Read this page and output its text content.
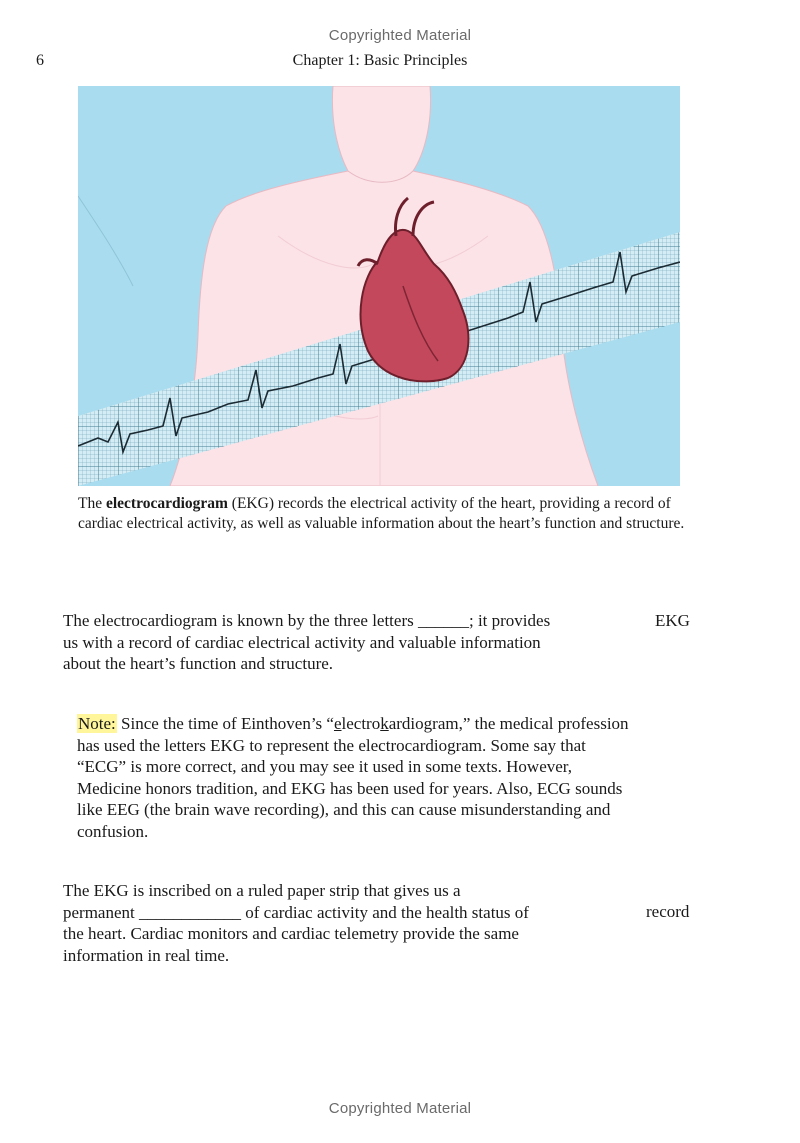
Copyrighted Material
6	Chapter 1: Basic Principles
The electrocardiogram (EKG) records the electrical activity of the heart, providing a record of cardiac electrical activity, as well as valuable information about the heart’s function and structure.
The electrocardiogram is known by the three letters ______; it provides us with a record of cardiac electrical activity and valuable information about the heart’s function and structure.
EKG
Note: Since the time of Einthoven’s “electrokardiogram,” the medical profession has used the letters EKG to represent the electrocardiogram. Some say that “ECG” is more correct, and you may see it used in some texts. However, Medicine honors tradition, and EKG has been used for years. Also, ECG sounds like EEG (the brain wave recording), and this can cause misunderstanding and confusion.
The EKG is inscribed on a ruled paper strip that gives us a permanent ____________ of cardiac activity and the health status of the heart. Cardiac monitors and cardiac telemetry provide the same information in real time.
record
Copyrighted Material
